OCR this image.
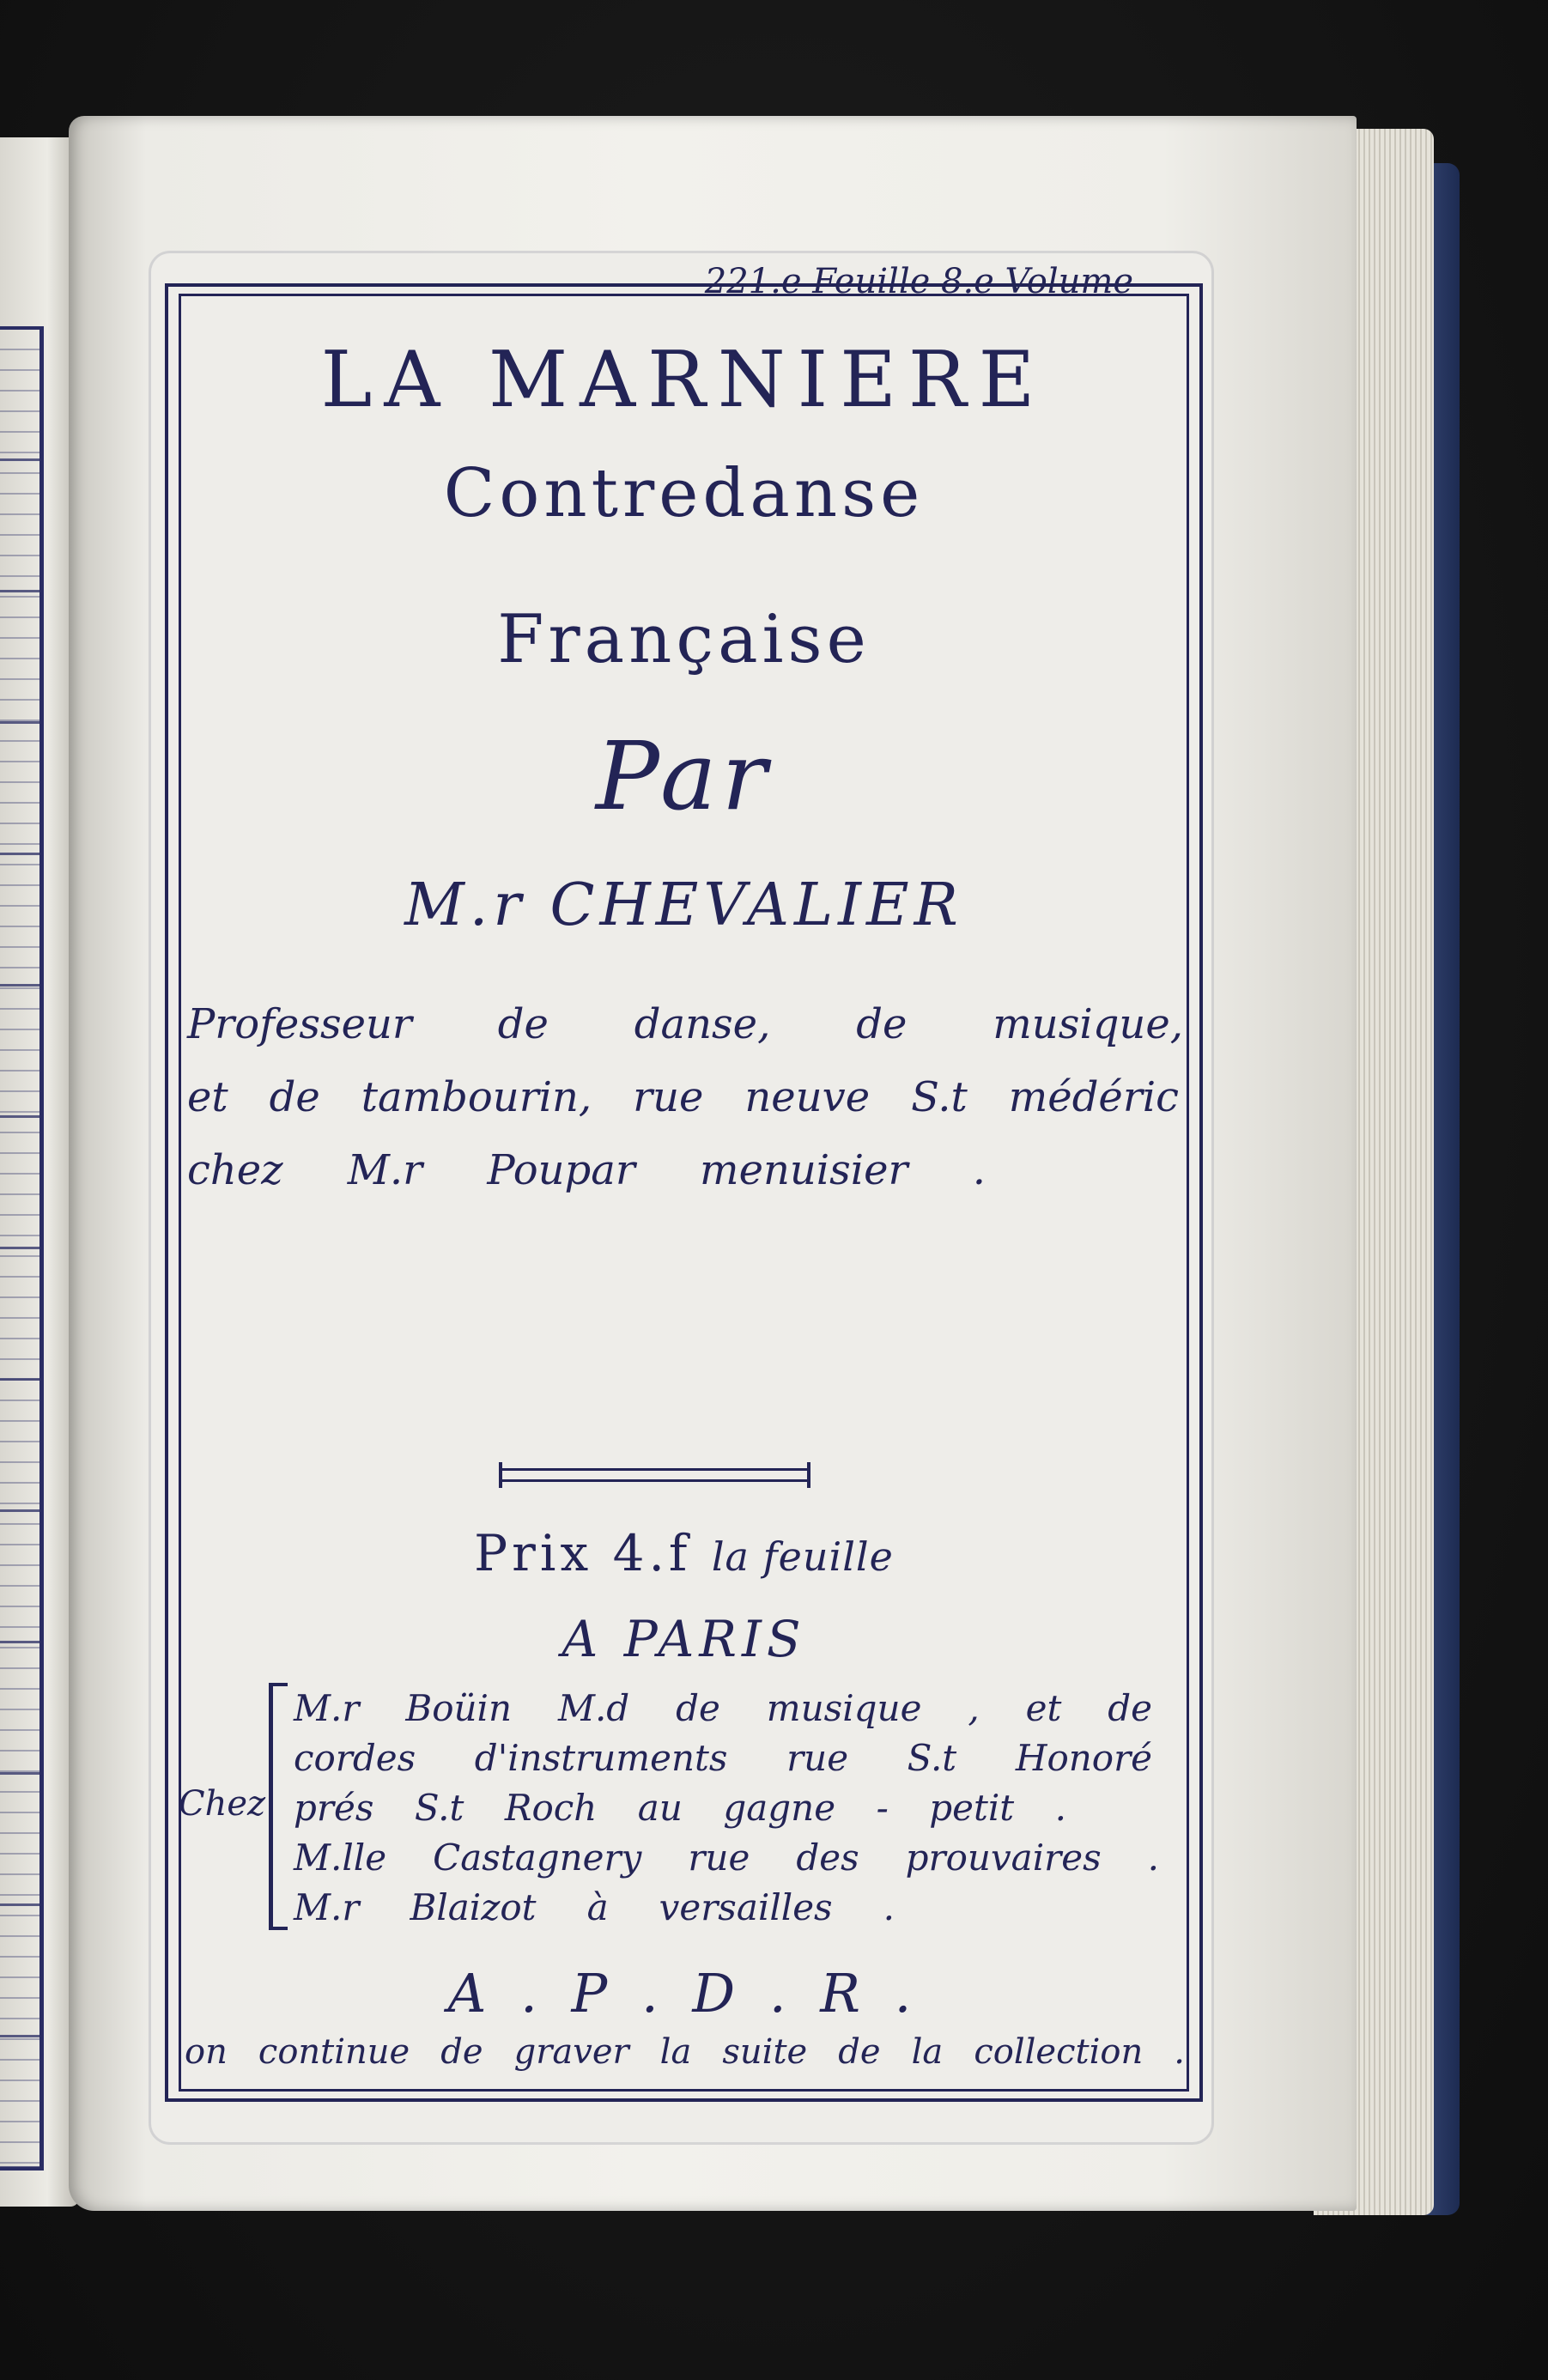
221.e Feuille 8.e Volume
LA MARNIERE
Contredanse
Française
Par
M.r CHEVALIER
Professeur de danse, de musique,
et de tambourin, rue neuve S.t médéric
chez M.r Poupar menuisier .
Prix 4.f la feuille
A PARIS
Chez
M.r Boüin M.d de musique , et de
cordes d'instruments rue S.t Honoré
prés S.t Roch au gagne - petit .
M.lle Castagnery rue des prouvaires .
M.r Blaizot à versailles .
A . P . D . R .
on continue de graver la suite de la collection .
